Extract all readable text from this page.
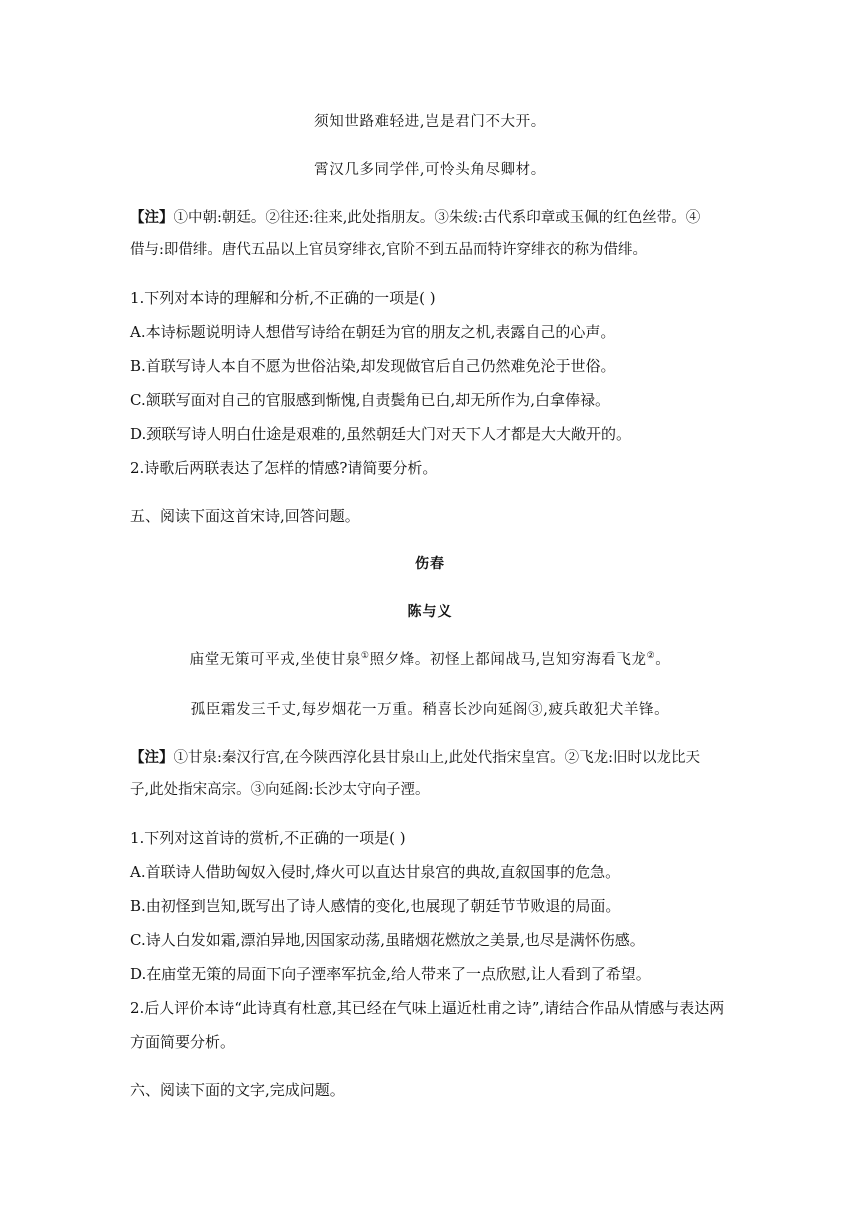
须知世路难轻进,岂是君门不大开。
霄汉几多同学伴,可怜头角尽卿材。
【注】①中朝:朝廷。②往还:往来,此处指朋友。③朱绂:古代系印章或玉佩的红色丝带。④
借与:即借绯。唐代五品以上官员穿绯衣,官阶不到五品而特许穿绯衣的称为借绯。
1.下列对本诗的理解和分析,不正确的一项是( )
A.本诗标题说明诗人想借写诗给在朝廷为官的朋友之机,表露自己的心声。
B.首联写诗人本自不愿为世俗沾染,却发现做官后自己仍然难免沦于世俗。
C.颔联写面对自己的官服感到惭愧,自责鬓角已白,却无所作为,白拿俸禄。
D.颈联写诗人明白仕途是艰难的,虽然朝廷大门对天下人才都是大大敞开的。
2.诗歌后两联表达了怎样的情感?请简要分析。
五、阅读下面这首宋诗,回答问题。
伤春
陈与义
庙堂无策可平戎,坐使甘泉①照夕烽。初怪上都闻战马,岂知穷海看飞龙②。
孤臣霜发三千丈,每岁烟花一万重。稍喜长沙向延阁③,疲兵敢犯犬羊锋。
【注】①甘泉:秦汉行宫,在今陕西淳化县甘泉山上,此处代指宋皇宫。②飞龙:旧时以龙比天
子,此处指宋高宗。③向延阁:长沙太守向子湮。
1.下列对这首诗的赏析,不正确的一项是( )
A.首联诗人借助匈奴入侵时,烽火可以直达甘泉宫的典故,直叙国事的危急。
B.由初怪到岂知,既写出了诗人感情的变化,也展现了朝廷节节败退的局面。
C.诗人白发如霜,漂泊异地,因国家动荡,虽睹烟花燃放之美景,也尽是满怀伤感。
D.在庙堂无策的局面下向子湮率军抗金,给人带来了一点欣慰,让人看到了希望。
2.后人评价本诗“此诗真有杜意,其已经在气味上逼近杜甫之诗”,请结合作品从情感与表达两
方面简要分析。
六、阅读下面的文字,完成问题。
